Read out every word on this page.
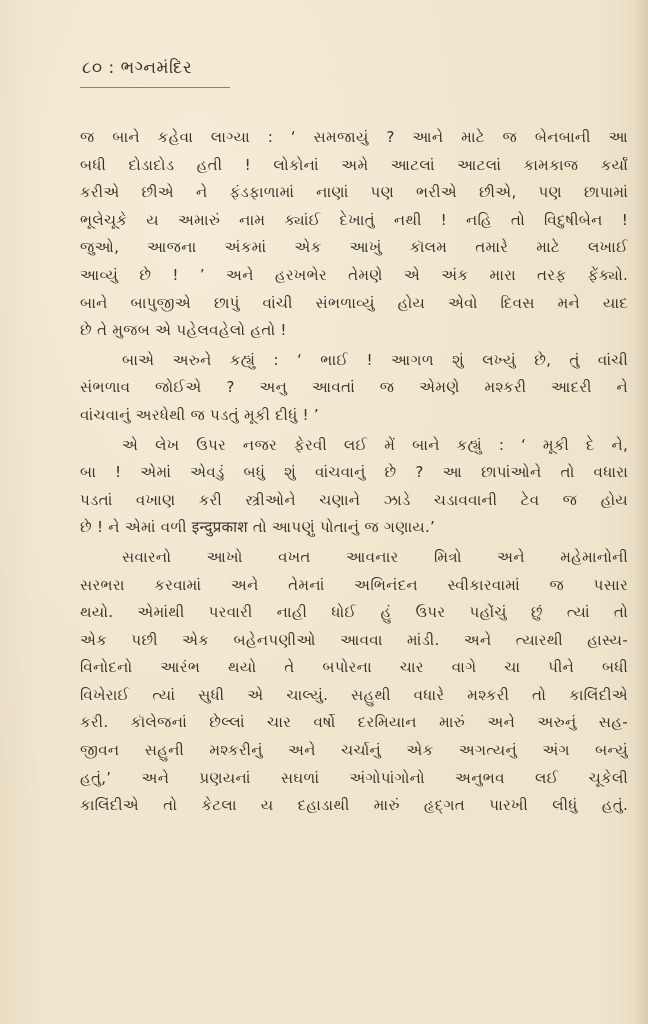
૮૦ : ભગ્નમંદિર
જ બાને કહેવા લાગ્યા : ‘ સમજાયું ? આને માટે જ બેનબાની આ
બધી દોડાદોડ હતી ! લોકોનાં અમે આટલાં આટલાં કામકાજ કર્યાં
કરીએ છીએ ને ફંડફાળામાં નાણાં પણ ભરીએ છીએ, પણ છાપામાં
ભૂલેચૂકે ય અમારું નામ ક્યાંઈ દેખાતું નથી ! નહિ તો વિદુષીબેન !
જુઓ, આજના અંકમાં એક આખું કૉલમ તમારે માટે લખાઈ
આવ્યું છે ! ’ અને હરખભેર તેમણે એ અંક મારા તરફ ફેંક્યો.
બાને બાપુજીએ છાપું વાંચી સંભળાવ્યું હોય એવો દિવસ મને યાદ
છે તે મુજબ એ પહેલવહેલો હતો !
બાએ અરુને કહ્યું : ‘ ભાઈ ! આગળ શું લખ્યું છે, તું વાંચી
સંભળાવ જોઈએ ? અનુ આવતાં જ એમણે મશ્કરી આદરી ને
વાંચવાનું અરધેથી જ પડતું મૂકી દીધું ! ’
એ લેખ ઉપર નજર ફેરવી લઈ મેં બાને કહ્યું : ‘ મૂકી દે ને,
બા ! એમાં એવડું બધું શું વાંચવાનું છે ? આ છાપાંઓને તો વધારા
પડતાં વખાણ કરી સ્ત્રીઓને ચણાને ઝાડે ચડાવવાની ટેવ જ હોય
છે ! ને એમાં વળી इन्दुप्रकाश તો આપણું પોતાનું જ ગણાય.’
સવારનો આખો વખત આવનાર મિત્રો અને મહેમાનોની
સરભરા કરવામાં અને તેમનાં અભિનંદન સ્વીકારવામાં જ પસાર
થયો. એમાંથી પરવારી નાહી ધોઈ હું ઉપર પહોંચું છું ત્યાં તો
એક પછી એક બહેનપણીઓ આવવા માંડી. અને ત્યારથી હાસ્ય-
વિનોદનો આરંભ થયો તે બપોરના ચાર વાગે ચા પીને બધી
વિખેરાઈ ત્યાં સુધી એ ચાલ્યું. સહુથી વધારે મશ્કરી તો કાલિંદીએ
કરી. કૉલેજનાં છેલ્લાં ચાર વર્ષો દરમિયાન મારું અને અરુનું સહ-
જીવન સહુની મશ્કરીનું અને ચર્ચાનું એક અગત્યનું અંગ બન્યું
હતું,’ અને પ્રણયનાં સઘળાં અંગોપાંગોનો અનુભવ લઈ ચૂકેલી
કાલિંદીએ તો કેટલા ય દહાડાથી મારું હૃદ્ગત પારખી લીધું હતું.
